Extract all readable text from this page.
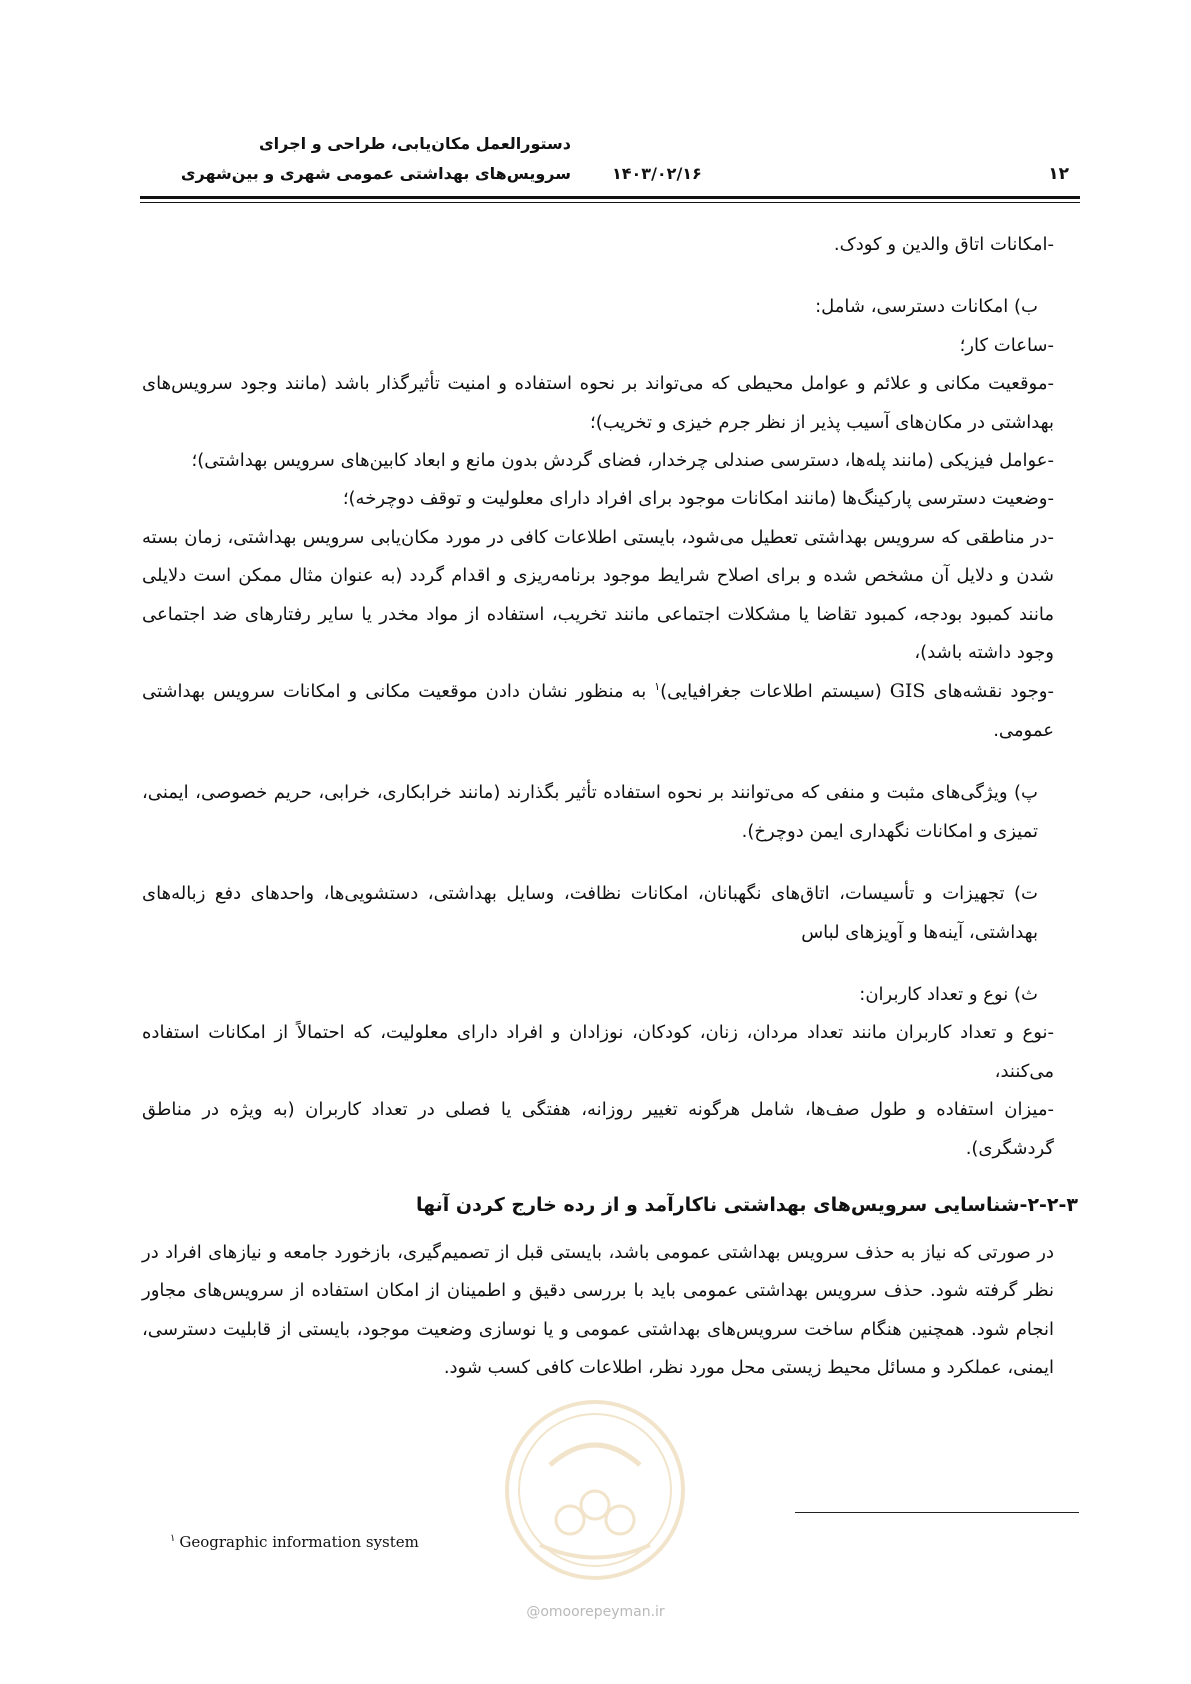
دستورالعمل مکان‌یابی، طراحی و اجرای
سرویس‌های بهداشتی عمومی شهری و بین‌شهری	۱۴۰۳/۰۲/۱۶	۱۲

-امکانات اتاق والدین و کودک.

ب) امکانات دسترسی، شامل:

-ساعات کار؛

-موقعیت مکانی و علائم و عوامل محیطی که می‌تواند بر نحوه استفاده و امنیت تأثیرگذار باشد (مانند وجود سرویس‌های بهداشتی در مکان‌های آسیب پذیر از نظر جرم خیزی و تخریب)؛

-عوامل فیزیکی (مانند پله‌ها، دسترسی صندلی چرخدار، فضای گردش بدون مانع و ابعاد کابین‌های سرویس بهداشتی)؛

-وضعیت دسترسی پارکینگ‌ها (مانند امکانات موجود برای افراد دارای معلولیت و توقف دوچرخه)؛

-در مناطقی که سرویس بهداشتی تعطیل می‌شود، بایستی اطلاعات کافی در مورد مکان‌یابی سرویس بهداشتی، زمان بسته شدن و دلایل آن مشخص شده و برای اصلاح شرایط موجود برنامه‌ریزی و اقدام گردد (به عنوان مثال ممکن است دلایلی مانند کمبود بودجه، کمبود تقاضا یا مشکلات اجتماعی مانند تخریب، استفاده از مواد مخدر یا سایر رفتارهای ضد اجتماعی وجود داشته باشد)،

-وجود نقشه‌های GIS (سیستم اطلاعات جغرافیایی)$^۱$ به منظور نشان دادن موقعیت مکانی و امکانات سرویس بهداشتی عمومی.

پ) ویژگی‌های مثبت و منفی که می‌توانند بر نحوه استفاده تأثیر بگذارند (مانند خرابکاری، خرابی، حریم خصوصی، ایمنی، تمیزی و امکانات نگهداری ایمن دوچرخ).

ت) تجهیزات و تأسیسات، اتاق‌های نگهبانان، امکانات نظافت، وسایل بهداشتی، دستشویی‌ها، واحدهای دفع زباله‌های بهداشتی، آینه‌ها و آویزهای لباس

ث) نوع و تعداد کاربران:

-نوع و تعداد کاربران مانند تعداد مردان، زنان، کودکان، نوزادان و افراد دارای معلولیت، که احتمالاً از امکانات استفاده می‌کنند،

-میزان استفاده و طول صف‌ها، شامل هرگونه تغییر روزانه، هفتگی یا فصلی در تعداد کاربران (به ویژه در مناطق گردشگری).

۲-۲-۳-شناسایی سرویس‌های بهداشتی ناکارآمد و از رده خارج کردن آنها

در صورتی که نیاز به حذف سرویس بهداشتی عمومی باشد، بایستی قبل از تصمیم‌گیری، بازخورد جامعه و نیازهای افراد در نظر گرفته شود. حذف سرویس بهداشتی عمومی باید با بررسی دقیق و اطمینان از امکان استفاده از سرویس‌های مجاور انجام شود. همچنین هنگام ساخت سرویس‌های بهداشتی عمومی و یا نوسازی وضعیت موجود، بایستی از قابلیت دسترسی، ایمنی، عملکرد و مسائل محیط زیستی محل مورد نظر، اطلاعات کافی کسب شود.

$^۱$ Geographic information system
@omoorepeyman.ir
